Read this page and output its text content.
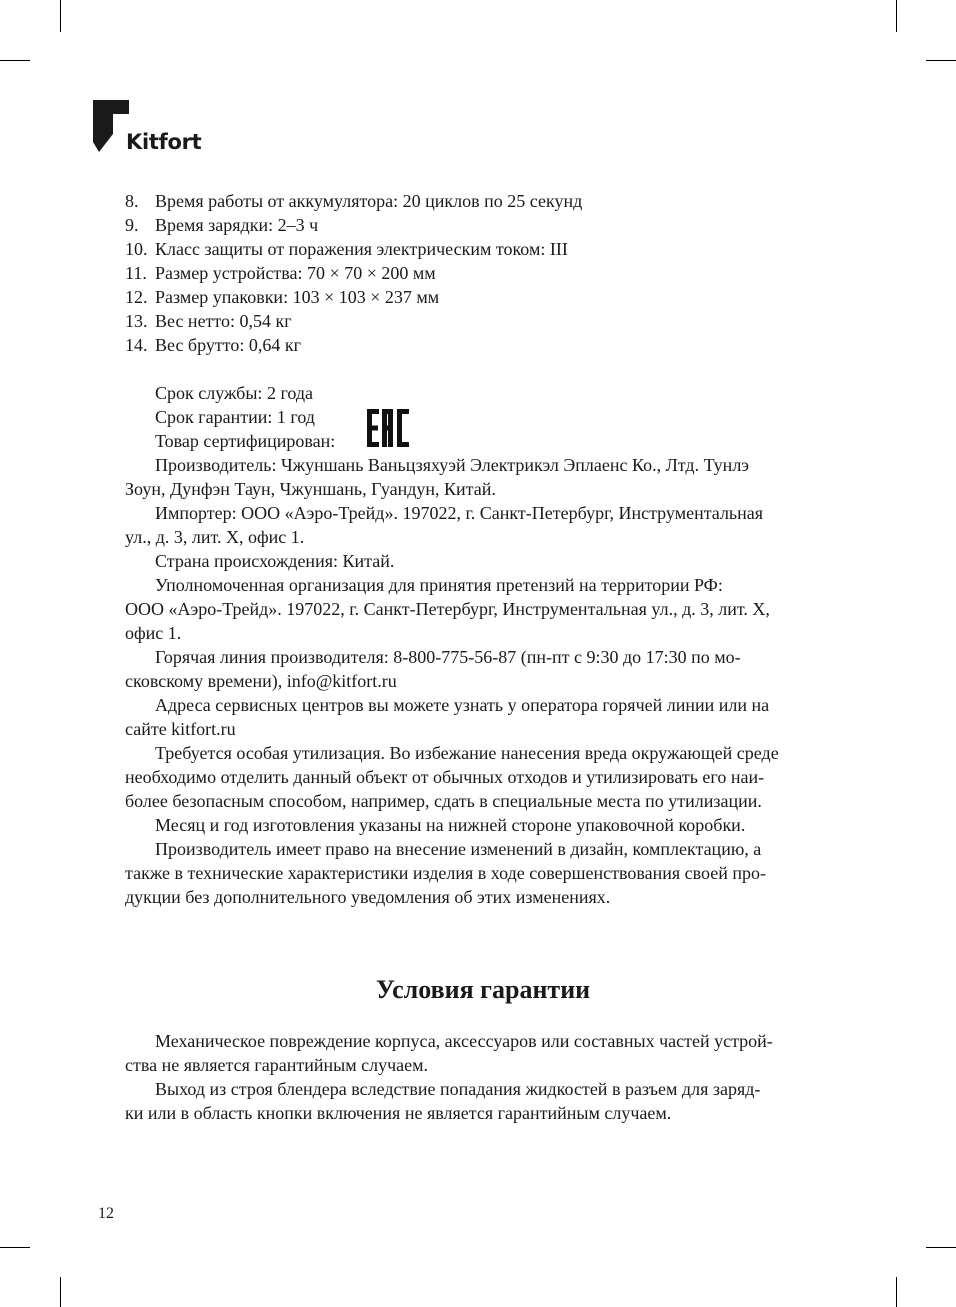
Kitfort
8. Время работы от аккумулятора: 20 циклов по 25 секунд
9. Время зарядки: 2–3 ч
10. Класс защиты от поражения электрическим током: III
11. Размер устройства: 70 × 70 × 200 мм
12. Размер упаковки: 103 × 103 × 237 мм
13. Вес нетто: 0,54 кг
14. Вес брутто: 0,64 кг
Срок службы: 2 года
Срок гарантии: 1 год
Товар сертифицирован:
Производитель: Чжуншань Ваньцзяхуэй Электрикэл Эплаенс Ко., Лтд. Тунлэ
Зоун, Дунфэн Таун, Чжуншань, Гуандун, Китай.
Импортер: ООО «Аэро-Трейд». 197022, г. Санкт-Петербург, Инструментальная
ул., д. 3, лит. Х, офис 1.
Страна происхождения: Китай.
Уполномоченная организация для принятия претензий на территории РФ:
ООО «Аэро-Трейд». 197022, г. Санкт-Петербург, Инструментальная ул., д. 3, лит. Х,
офис 1.
Горячая линия производителя: 8-800-775-56-87 (пн-пт с 9:30 до 17:30 по мо-
сковскому времени), info@kitfort.ru
Адреса сервисных центров вы можете узнать у оператора горячей линии или на
сайте kitfort.ru
Требуется особая утилизация. Во избежание нанесения вреда окружающей среде
необходимо отделить данный объект от обычных отходов и утилизировать его наи-
более безопасным способом, например, сдать в специальные места по утилизации.
Месяц и год изготовления указаны на нижней стороне упаковочной коробки.
Производитель имеет право на внесение изменений в дизайн, комплектацию, а
также в технические характеристики изделия в ходе совершенствования своей про-
дукции без дополнительного уведомления об этих изменениях.
Условия гарантии
Механическое повреждение корпуса, аксессуаров или составных частей устрой-
ства не является гарантийным случаем.
Выход из строя блендера вследствие попадания жидкостей в разъем для заряд-
ки или в область кнопки включения не является гарантийным случаем.
12
